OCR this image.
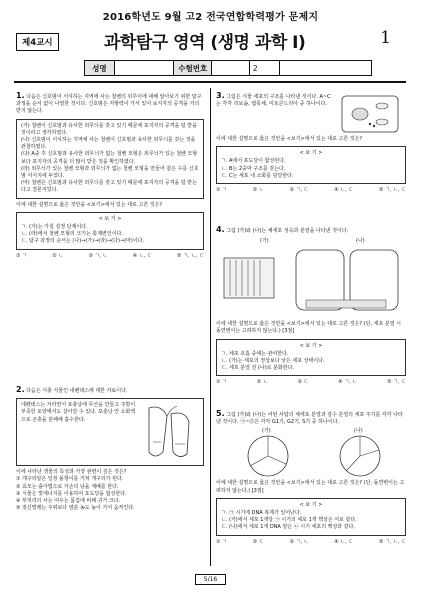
2016학년도 9월 고2 전국연합학력평가 문제지
제4교시	과학탐구 영역 (생명 과학 Ⅰ)	1
성명	수험번호	2
1. 다음은 신호범이 서식하는 지역에 사는 철벤의 뒤무이에 대해 알아보기 위한 탐구 과정을 순서 없이 나열한 것이다. 신호범은 저항력이 가서 있어 보지자의 공격을 거의 받지 않는다.
(가) 철벤이 신호범과 유사한 외무늬를 갖고 있기 때문에 포지자의 공격을 덜 받을 것이라고 생각하였다.
(나) 신호범이 서식하는 지역에 사는 철벤이 신호범과 유사한 외무늬를 갖는 것을 관찰하였다.
(다) A중 후 신호범과 유사한 외무늬가 없는 철벤 모형은 외무늬가 있는 철벤 모형보다 포지자의 공격을 더 많이 받은 것을 확인하였다.
(라) 외무늬가 있는 철벤 모형과 외무늬가 없는 철벤 모형을 만들어 같은 수를 신호범 서식지에 두었다.
(마) 철벤은 신호범과 유사한 외무늬를 갖고 있기 때문에 포지자의 공격을 덜 받는다고 결론지었다.
이에 대한 설명으로 옳은 것만을 <보기>에서 있는 대로 고른 것은?
< 보 기 >
ㄱ. (가)는 가설 설정 단계이다.
ㄴ. (라)에서 철벤 모형의 크기는 통제변인이다.
ㄷ. 탐구 과정의 순서는 (나)→(가)→(라)→(다)→(마)이다.
① ㄱ	② ㄴ	③ ㄱ, ㄴ	④ ㄴ, ㄷ	⑤ ㄱ, ㄴ, ㄷ
2. 다음은 식충 식물인 네펜데스에 대한 자료이다.
네펜데스는 자라면서 포충낭에 무산을 만들고 주방이 부족한 토양에서도 살아갈 수 있다. 포충낭 안 소화액으로 곤충을 분해해 흡수한다.
이에 나타난 생물의 특성과 가장 관련이 깊은 것은?
① 개구리알은 일정 올챙이를 거쳐 개구리가 된다.
② 효모는 출아법으로 자손의 남을 재배를 한다.
③ 식물은 빛에너지를 이용하여 포도당을 합성한다.
④ 부처리의 사는 여우는 몸집에 비해 귀가 크다.
⑤ 짚신벌레는 주위보다 염분 농도 높이 가서 움직인다.
3. 그림은 식물 세포의 구조를 나타낸 것이다. A~C는 각각 리보솜, 엽록체, 미토콘드리아 중 하나이다.
이에 대한 설명으로 옳은 것만을 <보기>에서 있는 대로 고른 것은?
< 보 기 >
ㄱ. A에서 포도당이 합성된다.
ㄴ. B는 2중막 구조를 갖는다.
ㄷ. C는 세포 내 소화를 담당한다.
① ㄱ	② ㄴ	③ ㄱ, ㄷ	④ ㄴ, ㄷ	⑤ ㄱ, ㄴ, ㄷ
4. 그림 (가)와 (나)는 체세포 성숙과 분열을 나타낸 것이다.
(가)	(나)
이에 대한 설명으로 옳은 것만을 <보기>에서 있는 대로 고른 것은? (단, 세포 분열 시 돌연변이는 고려하지 않는다.) [3점]
< 보 기 >
ㄱ. 세포 호흡 중에는 관여한다.
ㄴ. (가)는 세포의 정상보다 낮은 세포 상태이다.
ㄷ. 세포 분열 전 (나)로 분화한다.
① ㄱ	② ㄴ	③ ㄷ	④ ㄱ, ㄴ	⑤ ㄱ, ㄷ
5. 그림 (가)와 (나)는 어떤 사람의 체세포 분열과 감수 분열의 세포 주기를 각각 나타낸 것이다. ㉠~㉣은 각각 G1기, G2기, S기 중 하나이다.
(가)	(나)
이에 대한 설명으로 옳은 것만을 <보기>에서 있는 대로 고른 것은? (단, 돌연변이는 고려하지 않는다.) [3점]
< 보 기 >
ㄱ. ㉠ 시기에 DNA 복제가 일어난다.
ㄴ. (가)에서 세포 1개당 ㉠ 시기의 세포 1개 핵상은 서로 같다.
ㄷ. (나)에서 세포 1개 DNA 양은 ㉡ 시기 세포의 핵상과 같다.
① ㄱ	② ㄷ	③ ㄱ, ㄴ	④ ㄴ, ㄷ	⑤ ㄱ, ㄴ, ㄷ
5/16
